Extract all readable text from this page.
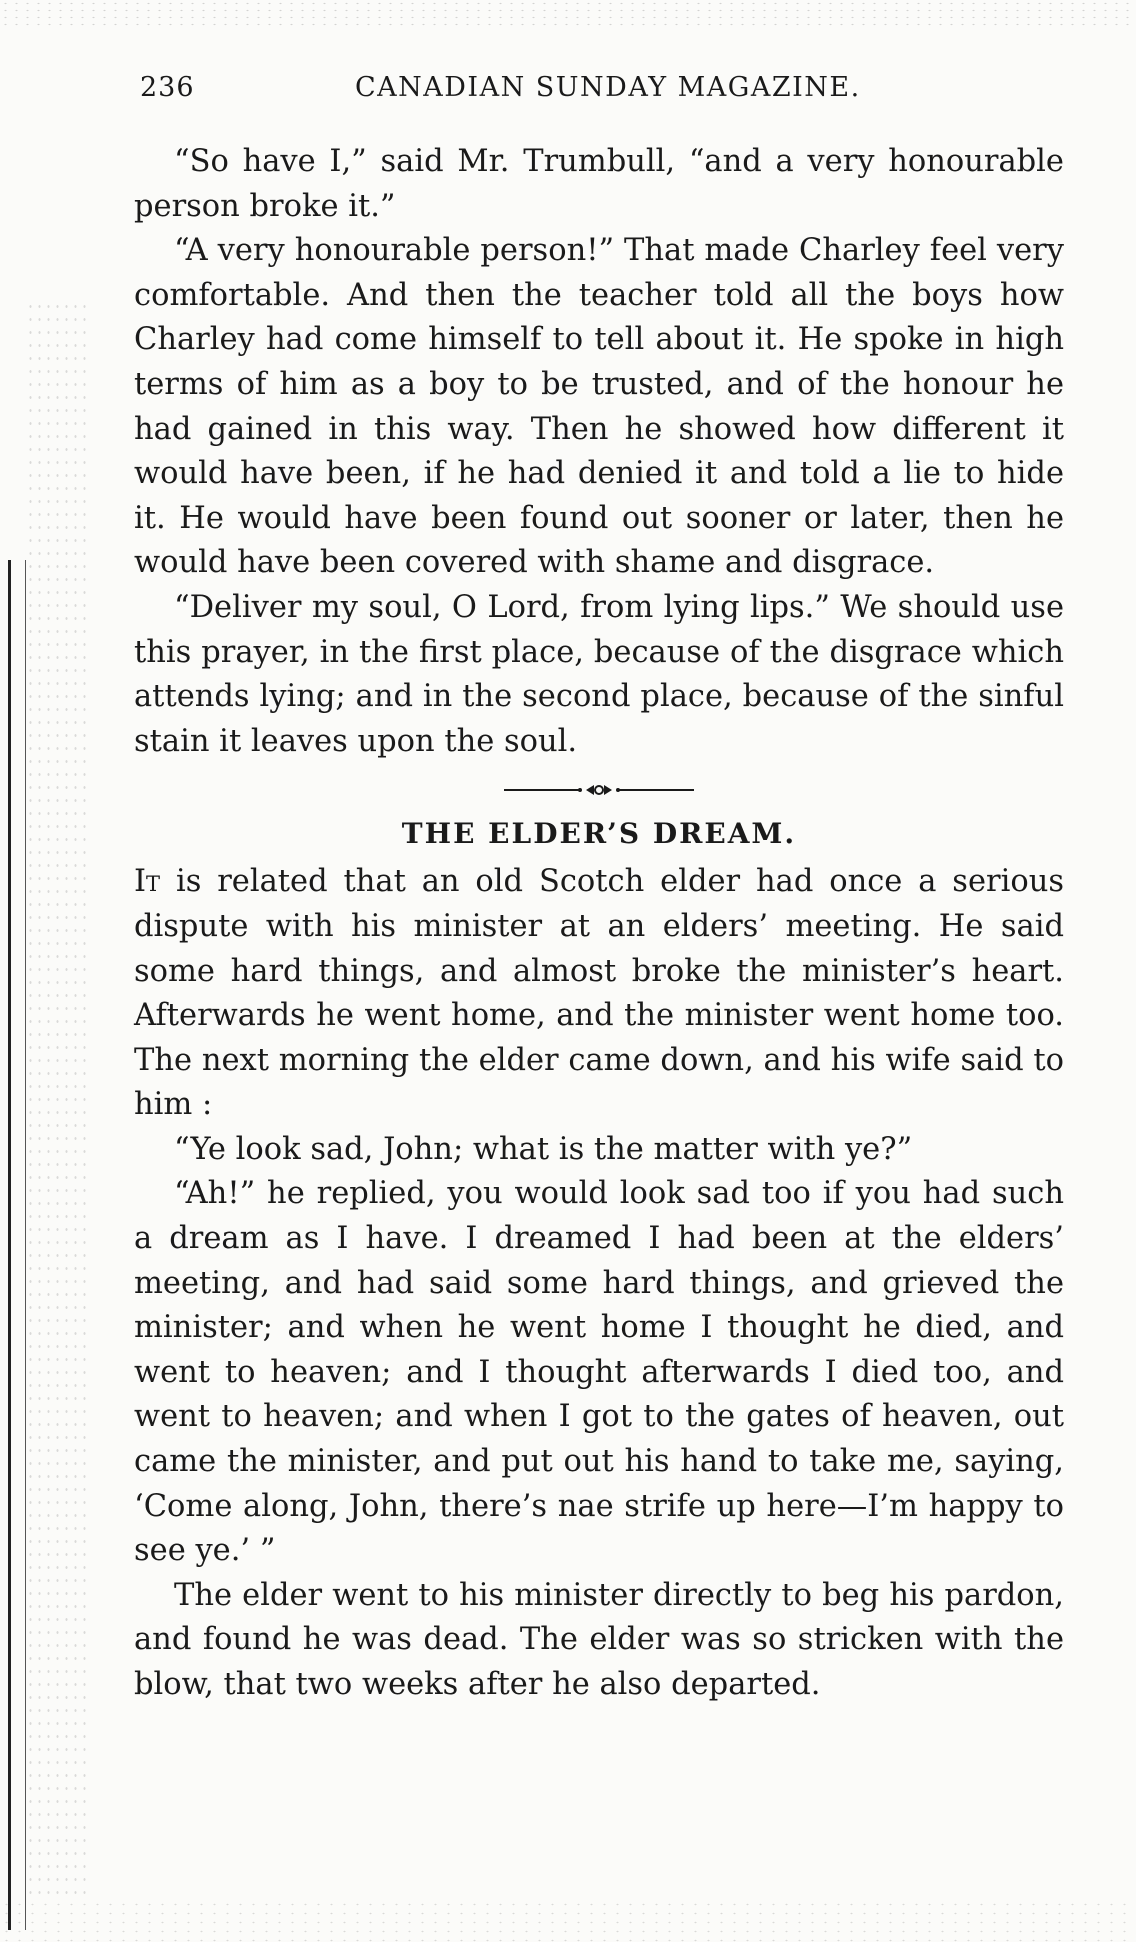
236	CANADIAN SUNDAY MAGAZINE.

“So have I,” said Mr. Trumbull, “and a very honourable person broke it.”

“A very honourable person!” That made Charley feel very comfortable. And then the teacher told all the boys how Charley had come himself to tell about it. He spoke in high terms of him as a boy to be trusted, and of the honour he had gained in this way. Then he showed how different it would have been, if he had denied it and told a lie to hide it. He would have been found out sooner or later, then he would have been covered with shame and disgrace.

“Deliver my soul, O Lord, from lying lips.” We should use this prayer, in the first place, because of the disgrace which attends lying; and in the second place, because of the sinful stain it leaves upon the soul.

THE ELDER’S DREAM.

It is related that an old Scotch elder had once a serious dispute with his minister at an elders’ meeting. He said some hard things, and almost broke the minister’s heart. Afterwards he went home, and the minister went home too. The next morning the elder came down, and his wife said to him :

“Ye look sad, John; what is the matter with ye?”

“Ah!” he replied, you would look sad too if you had such a dream as I have. I dreamed I had been at the elders’ meeting, and had said some hard things, and grieved the minister; and when he went home I thought he died, and went to heaven; and I thought afterwards I died too, and went to heaven; and when I got to the gates of heaven, out came the minister, and put out his hand to take me, saying, ‘Come along, John, there’s nae strife up here—I’m happy to see ye.’ ”

The elder went to his minister directly to beg his pardon, and found he was dead. The elder was so stricken with the blow, that two weeks after he also departed.
